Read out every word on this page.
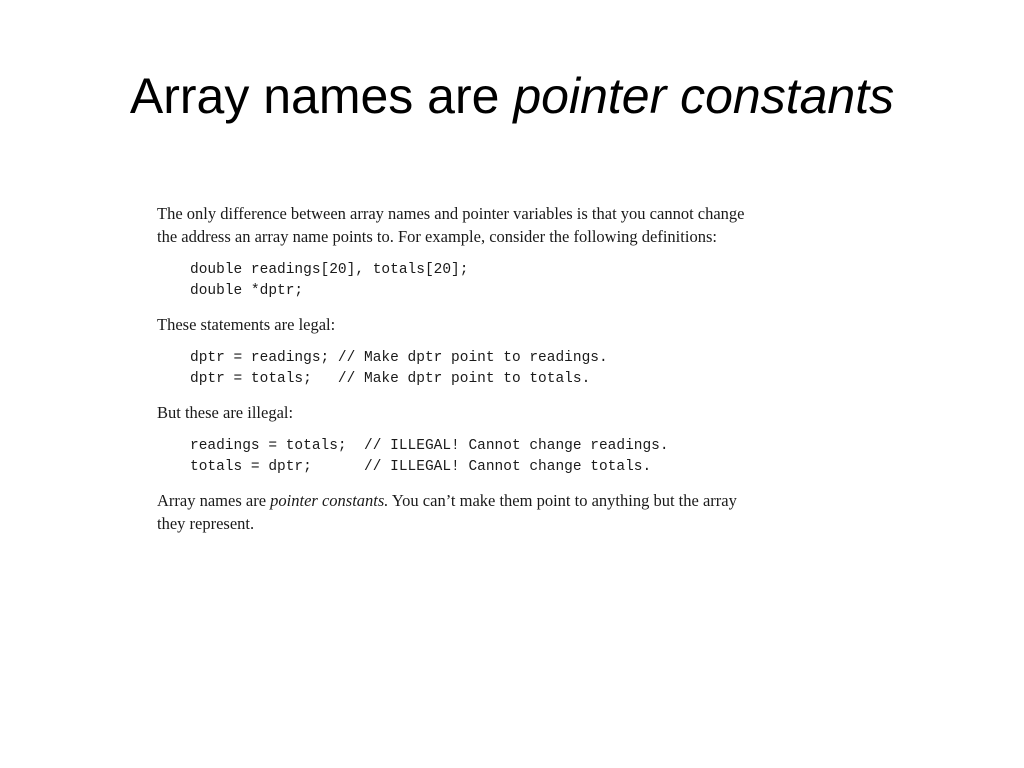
Array names are pointer constants

The only difference between array names and pointer variables is that you cannot change
the address an array name points to. For example, consider the following definitions:

double readings[20], totals[20];
double *dptr;

These statements are legal:

dptr = readings; // Make dptr point to readings.
dptr = totals;   // Make dptr point to totals.

But these are illegal:

readings = totals;  // ILLEGAL! Cannot change readings.
totals = dptr;      // ILLEGAL! Cannot change totals.

Array names are pointer constants. You can’t make them point to anything but the array
they represent.
